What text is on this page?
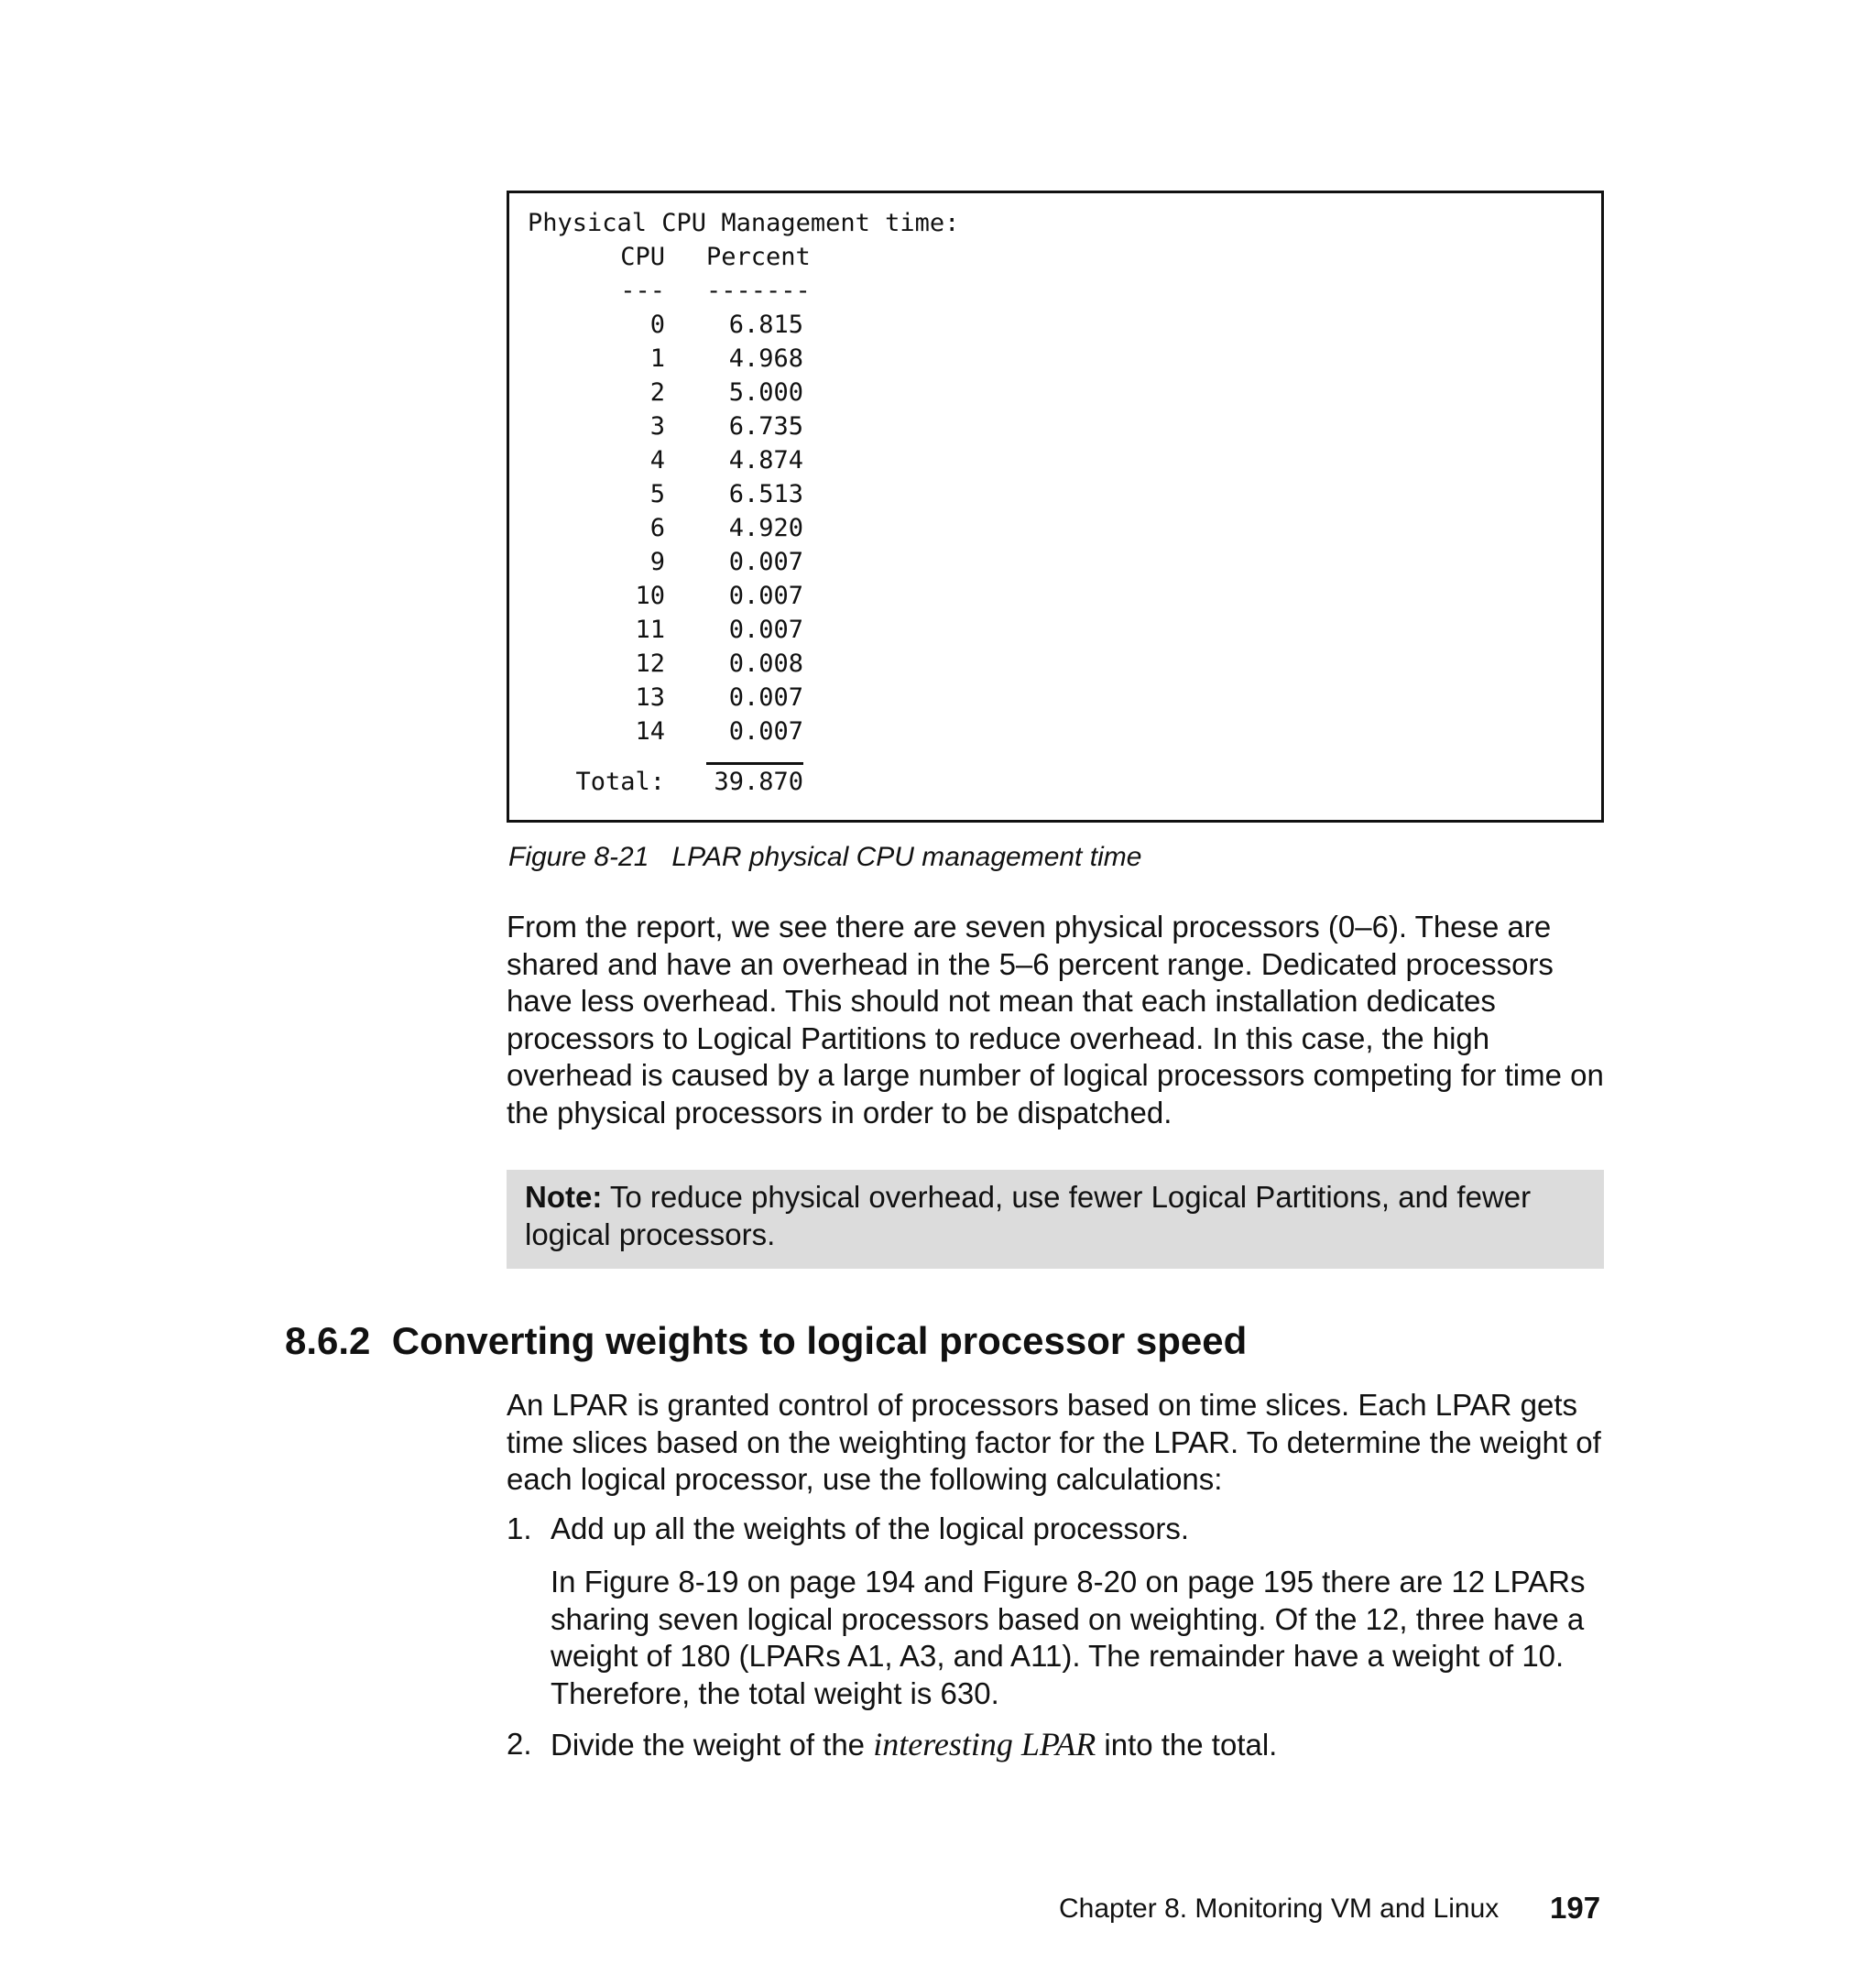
Physical CPU Management time:
CPU	Percent
---	-------
0	6.815
1	4.968
2	5.000
3	6.735
4	4.874
5	6.513
6	4.920
9	0.007
10	0.007
11	0.007
12	0.008
13	0.007
14	0.007
Total:	39.870
Figure 8-21   LPAR physical CPU management time
From the report, we see there are seven physical processors (0–6). These are shared and have an overhead in the 5–6 percent range. Dedicated processors have less overhead. This should not mean that each installation dedicates processors to Logical Partitions to reduce overhead. In this case, the high overhead is caused by a large number of logical processors competing for time on the physical processors in order to be dispatched.
Note: To reduce physical overhead, use fewer Logical Partitions, and fewer logical processors.
8.6.2  Converting weights to logical processor speed
An LPAR is granted control of processors based on time slices. Each LPAR gets time slices based on the weighting factor for the LPAR. To determine the weight of each logical processor, use the following calculations:
1. Add up all the weights of the logical processors.
In Figure 8-19 on page 194 and Figure 8-20 on page 195 there are 12 LPARs sharing seven logical processors based on weighting. Of the 12, three have a weight of 180 (LPARs A1, A3, and A11). The remainder have a weight of 10. Therefore, the total weight is 630.
2. Divide the weight of the interesting LPAR into the total.
Chapter 8. Monitoring VM and Linux 197
